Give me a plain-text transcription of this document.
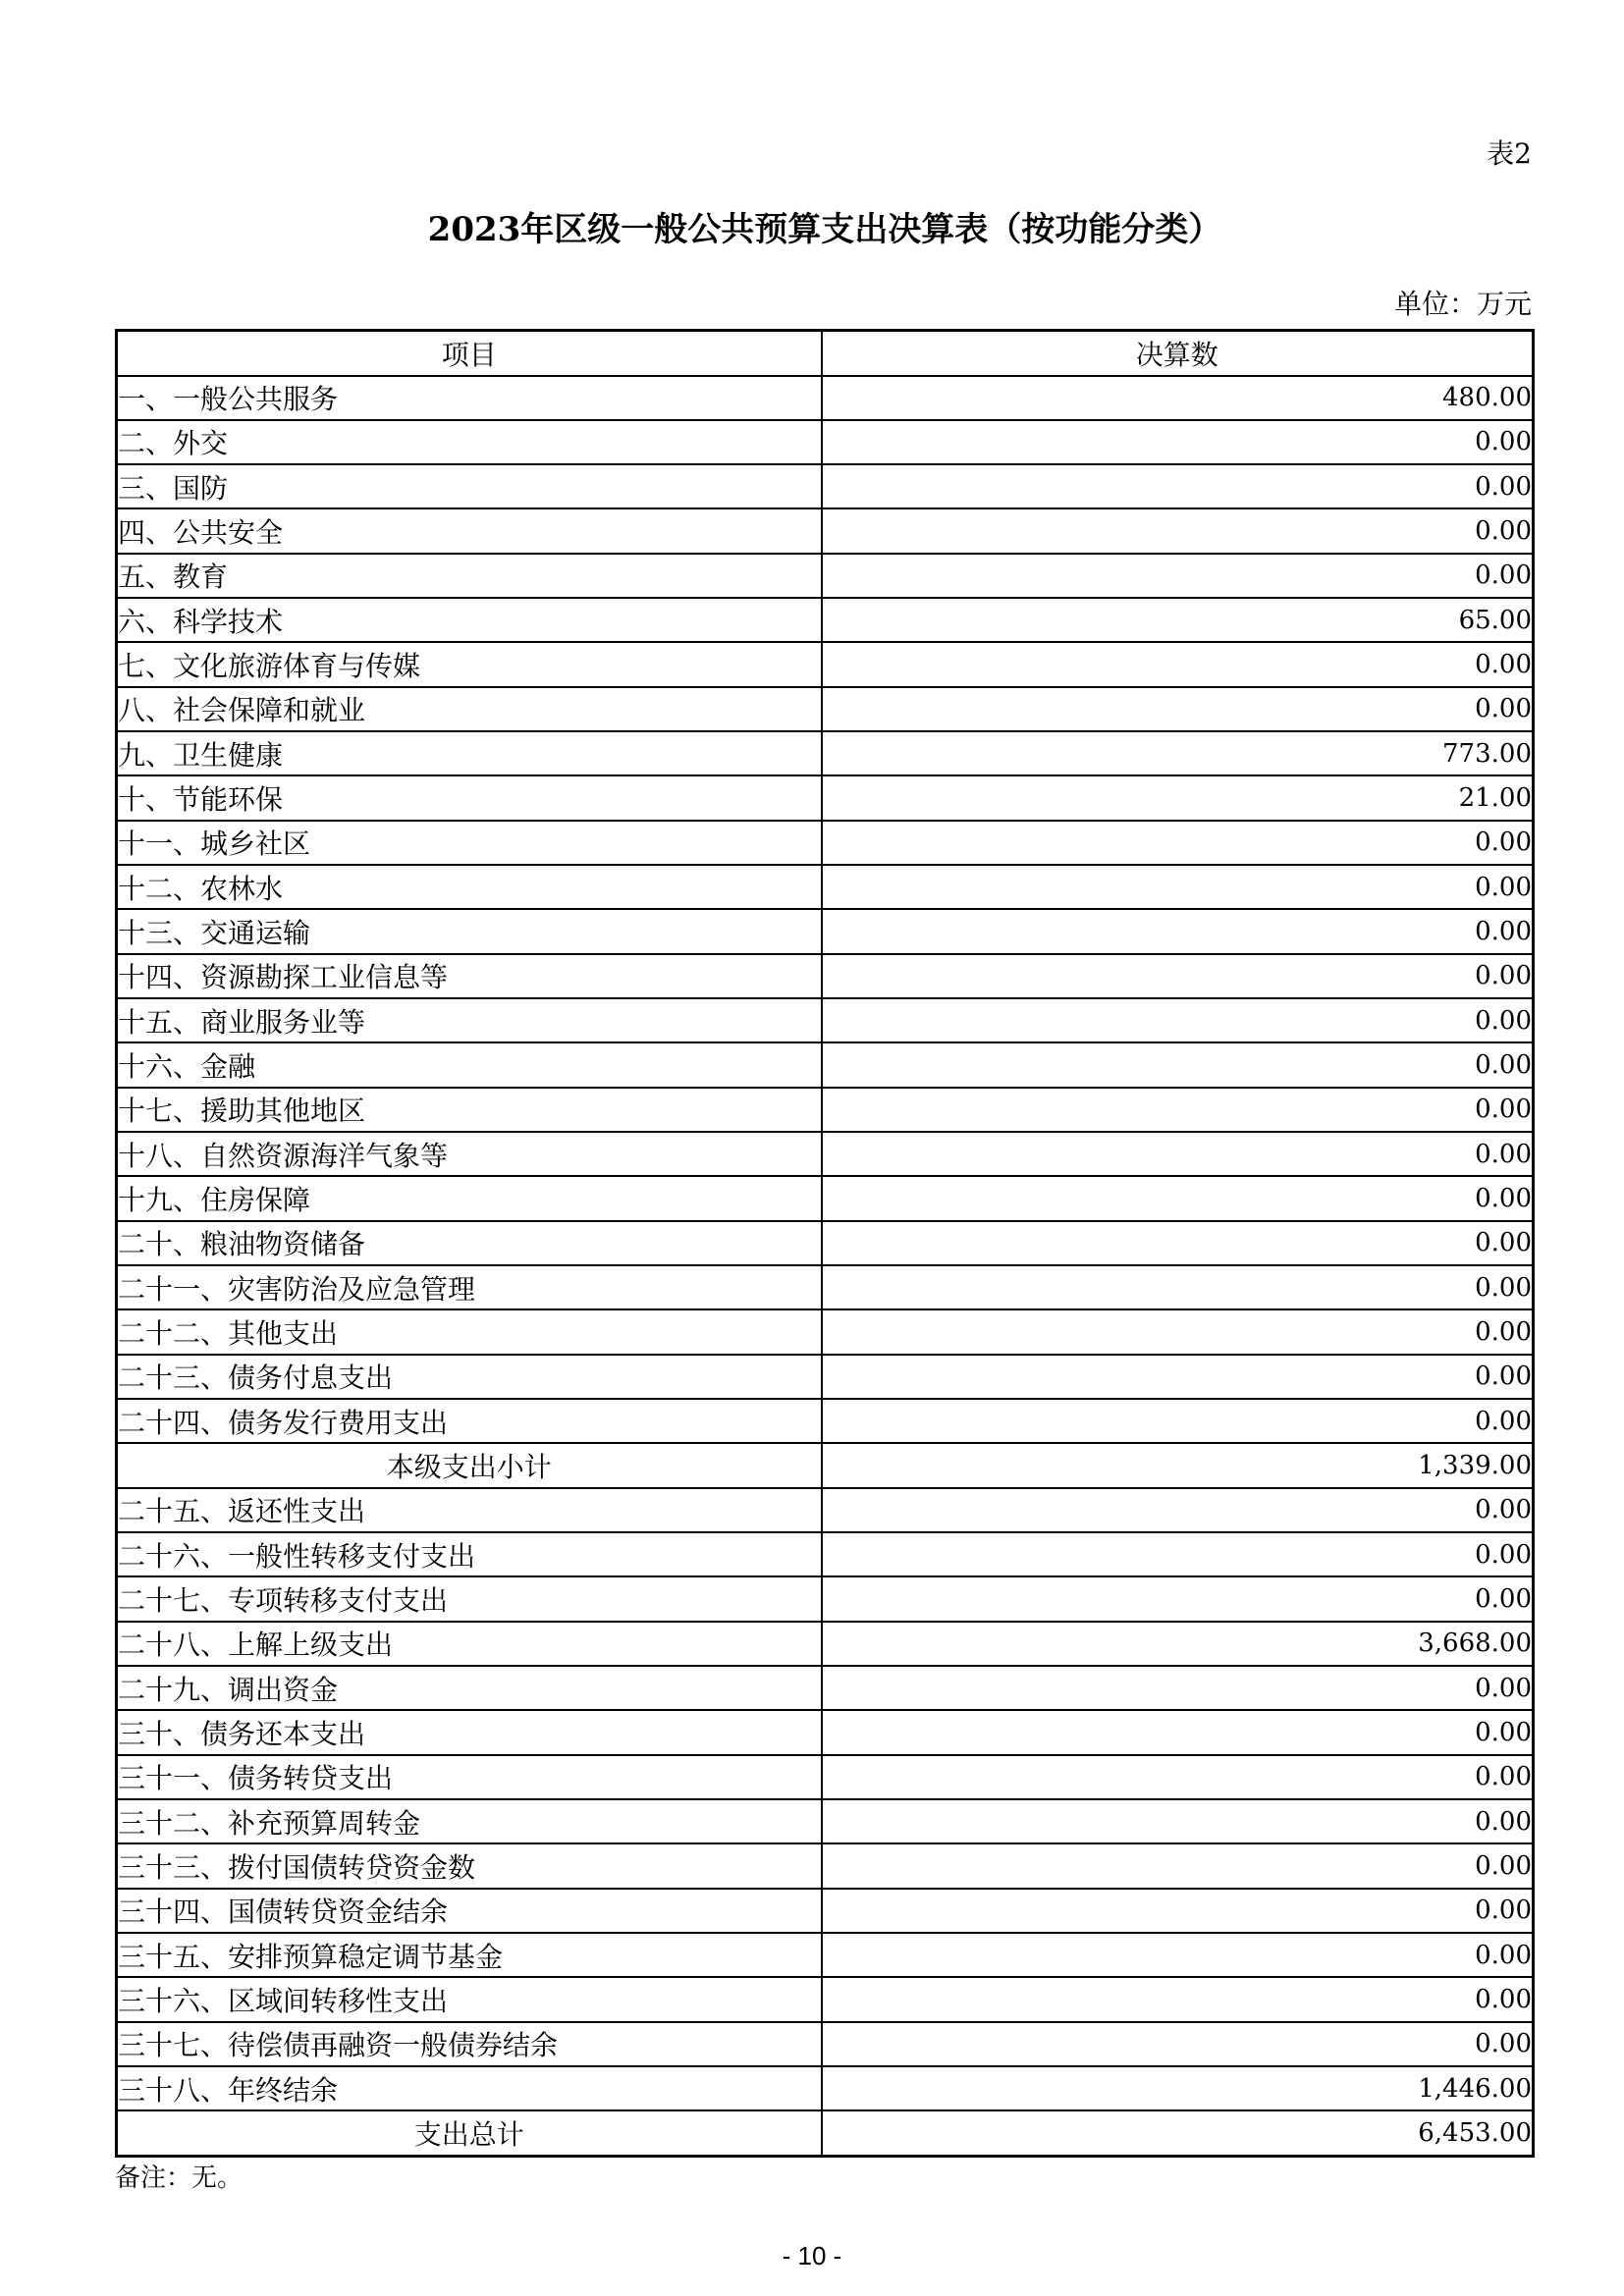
表2
2023年区级一般公共预算支出决算表（按功能分类）
单位：万元
项目	决算数
一、一般公共服务	480.00
二、外交	0.00
三、国防	0.00
四、公共安全	0.00
五、教育	0.00
六、科学技术	65.00
七、文化旅游体育与传媒	0.00
八、社会保障和就业	0.00
九、卫生健康	773.00
十、节能环保	21.00
十一、城乡社区	0.00
十二、农林水	0.00
十三、交通运输	0.00
十四、资源勘探工业信息等	0.00
十五、商业服务业等	0.00
十六、金融	0.00
十七、援助其他地区	0.00
十八、自然资源海洋气象等	0.00
十九、住房保障	0.00
二十、粮油物资储备	0.00
二十一、灾害防治及应急管理	0.00
二十二、其他支出	0.00
二十三、债务付息支出	0.00
二十四、债务发行费用支出	0.00
本级支出小计	1,339.00
二十五、返还性支出	0.00
二十六、一般性转移支付支出	0.00
二十七、专项转移支付支出	0.00
二十八、上解上级支出	3,668.00
二十九、调出资金	0.00
三十、债务还本支出	0.00
三十一、债务转贷支出	0.00
三十二、补充预算周转金	0.00
三十三、拨付国债转贷资金数	0.00
三十四、国债转贷资金结余	0.00
三十五、安排预算稳定调节基金	0.00
三十六、区域间转移性支出	0.00
三十七、待偿债再融资一般债券结余	0.00
三十八、年终结余	1,446.00
支出总计	6,453.00
备注：无。
- 10 -
